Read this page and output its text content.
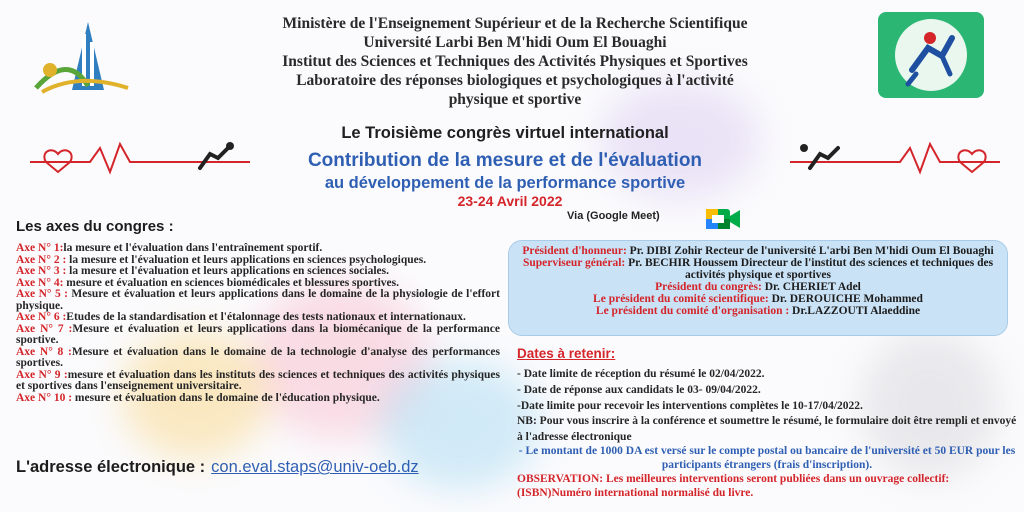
Ministère de l'Enseignement Supérieur et de la Recherche Scientifique
Université Larbi Ben M'hidi Oum El Bouaghi
Institut des Sciences et Techniques des Activités Physiques et Sportives
Laboratoire des réponses biologiques et psychologiques à l'activité
physique et sportive
Le Troisième congrès virtuel international
Contribution de la mesure et de l'évaluation
au développement de la performance sportive
23-24 Avril 2022
Via (Google Meet)
Les axes du congres :
Axe N° 1:la mesure et l'évaluation dans l'entraînement sportif.
Axe N° 2 : la mesure et l'évaluation et leurs applications en sciences psychologiques.
Axe N° 3 : la mesure et l'évaluation et leurs applications en sciences sociales.
Axe N° 4: mesure et évaluation en sciences biomédicales et blessures sportives.
Axe N° 5 : Mesure et évaluation et leurs applications dans le domaine de la physiologie de l'effort physique.
Axe N° 6 :Etudes de la standardisation et l'étalonnage des tests nationaux et internationaux.
Axe N° 7 :Mesure et évaluation et leurs applications dans la biomécanique de la performance sportive.
Axe N° 8 :Mesure et évaluation dans le domaine de la technologie d'analyse des performances sportives.
Axe N° 9 :mesure et évaluation dans les instituts des sciences et techniques des activités physiques et sportives dans l'enseignement universitaire.
Axe N° 10 : mesure et évaluation dans le domaine de l'éducation physique.
L'adresse électronique : con.eval.staps@univ-oeb.dz
Président d'honneur: Pr. DIBI Zohir Recteur de l'université L'arbi Ben M'hidi Oum El Bouaghi
Superviseur général: Pr. BECHIR Houssem Directeur de l'institut des sciences et techniques des activités physique et sportives
Président du congrès: Dr. CHERIET Adel
Le président du comité scientifique: Dr. DEROUICHE Mohammed
Le président du comité d'organisation : Dr.LAZZOUTI Alaeddine
Dates à retenir:
- Date limite de réception du résumé le 02/04/2022.
- Date de réponse aux candidats le 03- 09/04/2022.
-Date limite pour recevoir les interventions complètes le 10-17/04/2022.
NB: Pour vous inscrire à la conférence et soumettre le résumé, le formulaire doit être rempli et envoyé à l'adresse électronique
- Le montant de 1000 DA est versé sur le compte postal ou bancaire de l'université et 50 EUR pour les participants étrangers (frais d'inscription).
OBSERVATION: Les meilleures interventions seront publiées dans un ouvrage collectif: (ISBN)Numéro international normalisé du livre.
